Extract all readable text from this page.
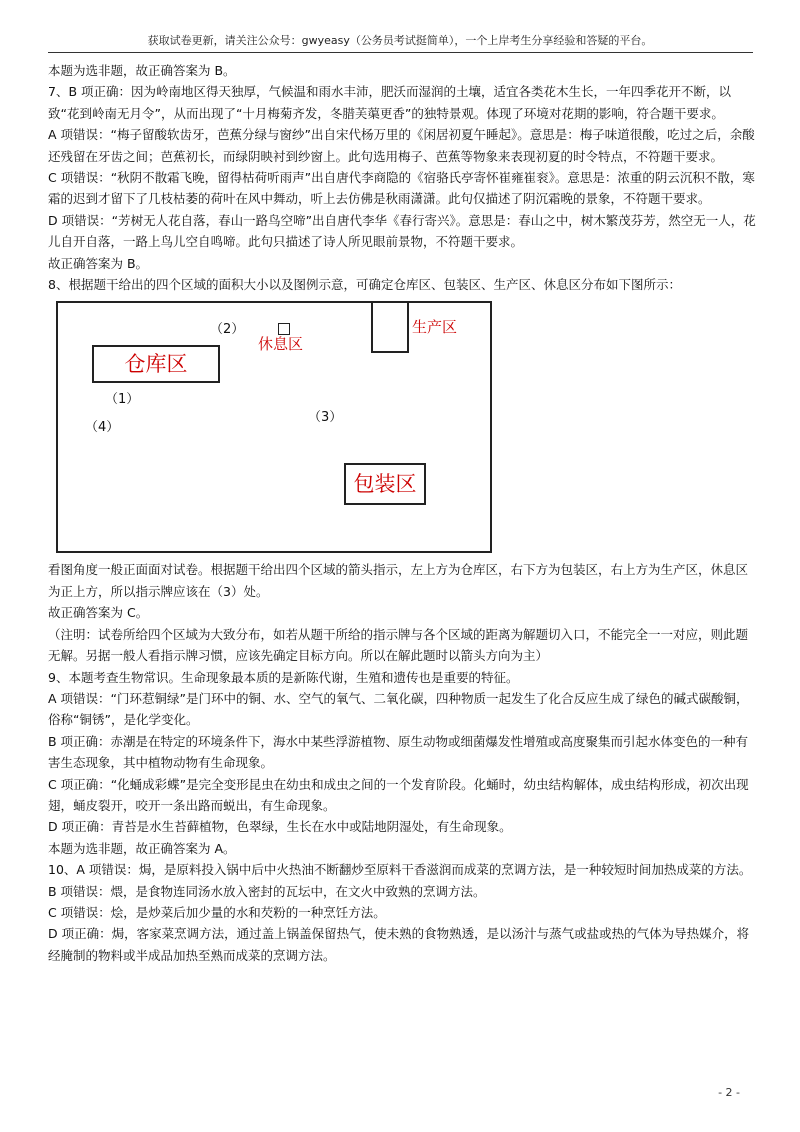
获取试卷更新，请关注公众号：gwyeasy（公务员考试挺简单），一个上岸考生分享经验和答疑的平台。

本题为选非题，故正确答案为 B。

7、B 项正确：因为岭南地区得天独厚，气候温和雨水丰沛，肥沃而湿润的土壤，适宜各类花木生长，一年四季花开不断，以致“花到岭南无月令”，从而出现了“十月梅菊齐发，冬腊芙蕖更香”的独特景观。体现了环境对花期的影响，符合题干要求。

A 项错误：“梅子留酸软齿牙，芭蕉分绿与窗纱”出自宋代杨万里的《闲居初夏午睡起》。意思是：梅子味道很酸，吃过之后，余酸还残留在牙齿之间；芭蕉初长，而绿阴映衬到纱窗上。此句选用梅子、芭蕉等物象来表现初夏的时令特点，不符题干要求。

C 项错误：“秋阴不散霜飞晚，留得枯荷听雨声”出自唐代李商隐的《宿骆氏亭寄怀崔雍崔衮》。意思是：浓重的阴云沉积不散，寒霜的迟到才留下了几枝枯萎的荷叶在风中舞动，听上去仿佛是秋雨潇潇。此句仅描述了阴沉霜晚的景象，不符题干要求。

D 项错误：“芳树无人花自落，春山一路鸟空啼”出自唐代李华《春行寄兴》。意思是：春山之中，树木繁茂芬芳，然空无一人，花儿自开自落，一路上鸟儿空自鸣啼。此句只描述了诗人所见眼前景物，不符题干要求。

故正确答案为 B。

8、根据题干给出的四个区域的面积大小以及图例示意，可确定仓库区、包装区、生产区、休息区分布如下图所示：

仓库区
包装区
生产区
休息区
（2）
（1）
（4）
（3）

看图角度一般正面面对试卷。根据题干给出四个区域的箭头指示，左上方为仓库区，右下方为包装区，右上方为生产区，休息区为正上方，所以指示牌应该在（3）处。

故正确答案为 C。

（注明：试卷所给四个区域为大致分布，如若从题干所给的指示牌与各个区域的距离为解题切入口，不能完全一一对应，则此题无解。另据一般人看指示牌习惯，应该先确定目标方向。所以在解此题时以箭头方向为主）

9、本题考查生物常识。生命现象最本质的是新陈代谢，生殖和遗传也是重要的特征。

A 项错误：“门环惹铜绿”是门环中的铜、水、空气的氧气、二氧化碳，四种物质一起发生了化合反应生成了绿色的碱式碳酸铜，俗称“铜锈”，是化学变化。

B 项正确：赤潮是在特定的环境条件下，海水中某些浮游植物、原生动物或细菌爆发性增殖或高度聚集而引起水体变色的一种有害生态现象，其中植物动物有生命现象。

C 项正确：“化蛹成彩蝶”是完全变形昆虫在幼虫和成虫之间的一个发育阶段。化蛹时，幼虫结构解体，成虫结构形成，初次出现翅，蛹皮裂开，咬开一条出路而蜕出，有生命现象。

D 项正确：青苔是水生苔藓植物，色翠绿，生长在水中或陆地阴湿处，有生命现象。

本题为选非题，故正确答案为 A。

10、A 项错误：焗，是原料投入锅中后中火热油不断翻炒至原料干香滋润而成菜的烹调方法，是一种较短时间加热成菜的方法。

B 项错误：煨，是食物连同汤水放入密封的瓦坛中，在文火中致熟的烹调方法。

C 项错误：烩，是炒菜后加少量的水和芡粉的一种烹饪方法。

D 项正确：焗，客家菜烹调方法，通过盖上锅盖保留热气，使未熟的食物熟透，是以汤汁与蒸气或盐或热的气体为导热媒介，将经腌制的物料或半成品加热至熟而成菜的烹调方法。

- 2 -
